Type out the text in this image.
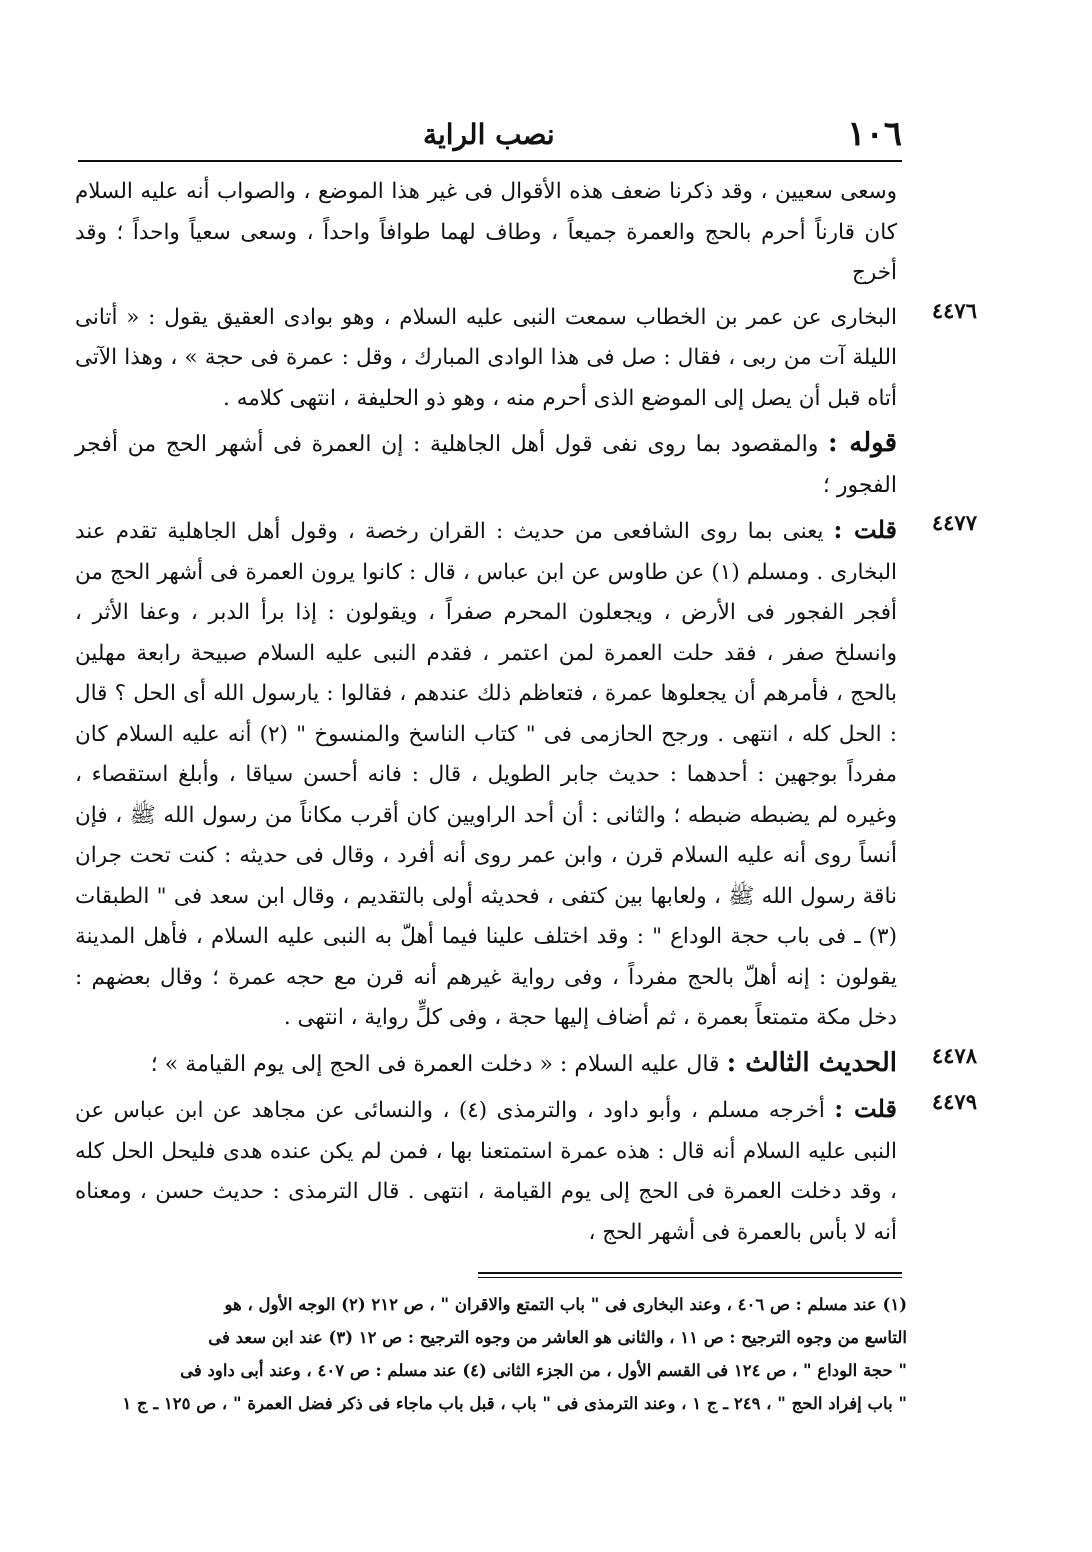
١٠٦

نصب الراية

وسعى سعيين ، وقد ذكرنا ضعف هذه الأقوال فى غير هذا الموضع ، والصواب أنه عليه السلام كان قارناً أحرم بالحج والعمرة جميعاً ، وطاف لهما طوافاً واحداً ، وسعى سعياً واحداً ؛ وقد أخرج

٤٤٧٦

البخارى عن عمر بن الخطاب سمعت النبى عليه السلام ، وهو بوادى العقيق يقول : « أتانى الليلة آت من ربى ، فقال : صل فى هذا الوادى المبارك ، وقل : عمرة فى حجة » ، وهذا الآتى أتاه قبل أن يصل إلى الموضع الذى أحرم منه ، وهو ذو الحليفة ، انتهى كلامه .

قوله : والمقصود بما روى نفى قول أهل الجاهلية : إن العمرة فى أشهر الحج من أفجر الفجور ؛

٤٤٧٧

قلت : يعنى بما روى الشافعى من حديث : القران رخصة ، وقول أهل الجاهلية تقدم عند البخارى . ومسلم (١) عن طاوس عن ابن عباس ، قال : كانوا يرون العمرة فى أشهر الحج من أفجر الفجور فى الأرض ، ويجعلون المحرم صفراً ، ويقولون : إذا برأ الدبر ، وعفا الأثر ، وانسلخ صفر ، فقد حلت العمرة لمن اعتمر ، فقدم النبى عليه السلام صبيحة رابعة مهلين بالحج ، فأمرهم أن يجعلوها عمرة ، فتعاظم ذلك عندهم ، فقالوا : يارسول الله أى الحل ؟ قال : الحل كله ، انتهى . ورجح الحازمى فى " كتاب الناسخ والمنسوخ " (٢) أنه عليه السلام كان مفرداً بوجهين : أحدهما : حديث جابر الطويل ، قال : فانه أحسن سياقا ، وأبلغ استقصاء ، وغيره لم يضبطه ضبطه ؛ والثانى : أن أحد الراويين كان أقرب مكاناً من رسول الله ﷺ ، فإن أنساً روى أنه عليه السلام قرن ، وابن عمر روى أنه أفرد ، وقال فى حديثه : كنت تحت جران ناقة رسول الله ﷺ ، ولعابها بين كتفى ، فحديثه أولى بالتقديم ، وقال ابن سعد فى " الطبقات (٣) ـ فى باب حجة الوداع " : وقد اختلف علينا فيما أهلّ به النبى عليه السلام ، فأهل المدينة يقولون : إنه أهلّ بالحج مفرداً ، وفى رواية غيرهم أنه قرن مع حجه عمرة ؛ وقال بعضهم : دخل مكة متمتعاً بعمرة ، ثم أضاف إليها حجة ، وفى كلٍّ رواية ، انتهى .

٤٤٧٨

الحديث الثالث : قال عليه السلام : « دخلت العمرة فى الحج إلى يوم القيامة » ؛

٤٤٧٩

قلت : أخرجه مسلم ، وأبو داود ، والترمذى (٤) ، والنسائى عن مجاهد عن ابن عباس عن النبى عليه السلام أنه قال : هذه عمرة استمتعنا بها ، فمن لم يكن عنده هدى فليحل الحل كله ، وقد دخلت العمرة فى الحج إلى يوم القيامة ، انتهى . قال الترمذى : حديث حسن ، ومعناه أنه لا بأس بالعمرة فى أشهر الحج ،

(١) عند مسلم : ص ٤٠٦ ، وعند البخارى فى " باب التمتع والاقران " ، ص ٢١٢ (٢) الوجه الأول ، هو

التاسع من وجوه الترجيح : ص ١١ ، والثانى هو العاشر من وجوه الترجيح : ص ١٢ (٣) عند ابن سعد فى

" حجة الوداع " ، ص ١٢٤ فى القسم الأول ، من الجزء الثانى (٤) عند مسلم : ص ٤٠٧ ، وعند أبى داود فى

" باب إفراد الحج " ، ٢٤٩ ـ ج ١ ، وعند الترمذى فى " باب ، قبل باب ماجاء فى ذكر فضل العمرة " ، ص ١٢٥ ـ ج ١
